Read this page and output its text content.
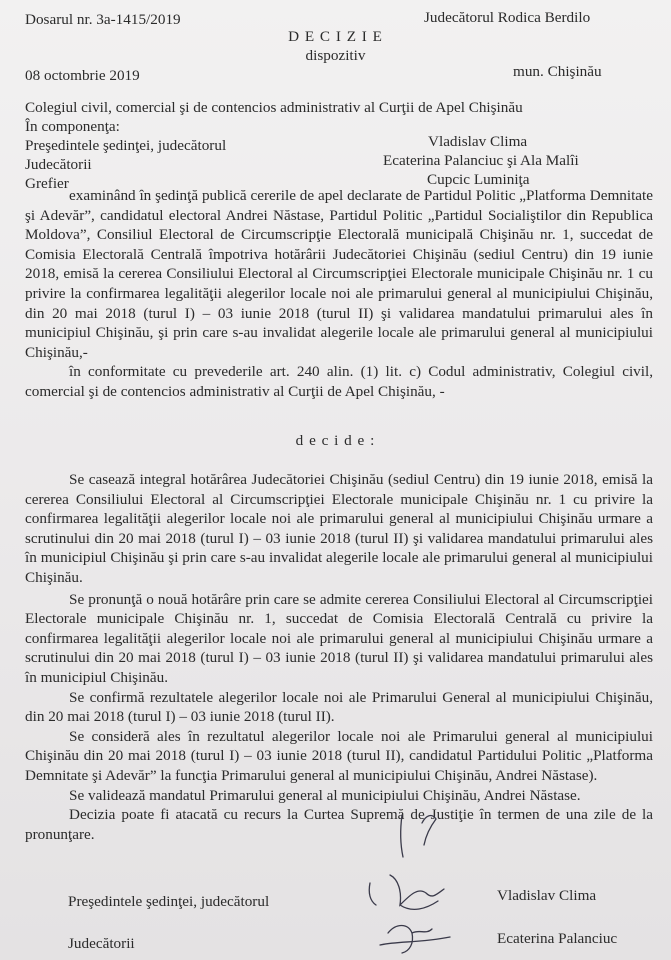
Dosarul nr. 3a-1415/2019	Judecătorul Rodica Berdilo
D E C I Z I E
dispozitiv
08 octombrie 2019	mun. Chişinău
Colegiul civil, comercial şi de contencios administrativ al Curţii de Apel Chişinău
În componenţa:
Preşedintele şedinţei, judecătorul	Vladislav Clima
Judecătorii	Ecaterina Palanciuc şi Ala Malîi
Grefier	Cupcic Luminiţa

examinând în şedinţă publică cererile de apel declarate de Partidul Politic „Platforma Demnitate şi Adevăr”, candidatul electoral Andrei Năstase, Partidul Politic „Partidul Socialiştilor din Republica Moldova”, Consiliul Electoral de Circumscripţie Electorală municipală Chişinău nr. 1, succedat de Comisia Electorală Centrală împotriva hotărârii Judecătoriei Chişinău (sediul Centru) din 19 iunie 2018, emisă la cererea Consiliului Electoral al Circumscripţiei Electorale municipale Chişinău nr. 1 cu privire la confirmarea legalităţii alegerilor locale noi ale primarului general al municipiului Chişinău, din 20 mai 2018 (turul I) – 03 iunie 2018 (turul II) şi validarea mandatului primarului ales în municipiul Chişinău, şi prin care s-au invalidat alegerile locale ale primarului general al municipiului Chişinău,-

în conformitate cu prevederile art. 240 alin. (1) lit. c) Codul administrativ, Colegiul civil, comercial şi de contencios administrativ al Curţii de Apel Chişinău, -

d e c i d e :

Se casează integral hotărârea Judecătoriei Chişinău (sediul Centru) din 19 iunie 2018, emisă la cererea Consiliului Electoral al Circumscripţiei Electorale municipale Chişinău nr. 1 cu privire la confirmarea legalităţii alegerilor locale noi ale primarului general al municipiului Chişinău urmare a scrutinului din 20 mai 2018 (turul I) – 03 iunie 2018 (turul II) şi validarea mandatului primarului ales în municipiul Chişinău şi prin care s-au invalidat alegerile locale ale primarului general al municipiului Chişinău.

Se pronunţă o nouă hotărâre prin care se admite cererea Consiliului Electoral al Circumscripţiei Electorale municipale Chişinău nr. 1, succedat de Comisia Electorală Centrală cu privire la confirmarea legalităţii alegerilor locale noi ale primarului general al municipiului Chişinău urmare a scrutinului din 20 mai 2018 (turul I) – 03 iunie 2018 (turul II) şi validarea mandatului primarului ales în municipiul Chişinău.

Se confirmă rezultatele alegerilor locale noi ale Primarului General al municipiului Chişinău, din 20 mai 2018 (turul I) – 03 iunie 2018 (turul II).

Se consideră ales în rezultatul alegerilor locale noi ale Primarului general al municipiului Chişinău din 20 mai 2018 (turul I) – 03 iunie 2018 (turul II), candidatul Partidului Politic „Platforma Demnitate şi Adevăr” la funcţia Primarului general al municipiului Chişinău, Andrei Năstase).

Se validează mandatul Primarului general al municipiului Chişinău, Andrei Năstase.

Decizia poate fi atacată cu recurs la Curtea Supremă de Justiţie în termen de una zile de la pronunţare.

Preşedintele şedinţei, judecătorul	Vladislav Clima
Judecătorii	Ecaterina Palanciuc
